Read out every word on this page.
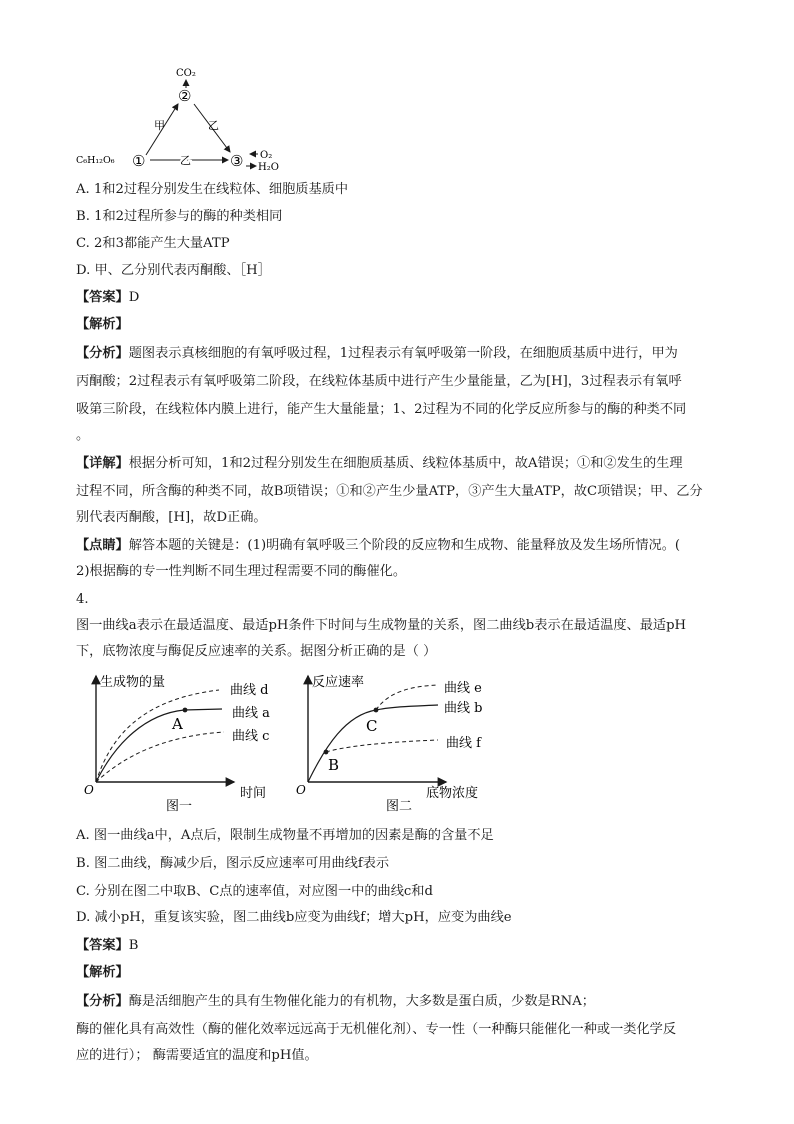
CO₂
②
甲	乙
C₆H₁₂O₆ ①	乙	③ O₂
H₂O
A. 1和2过程分别发生在线粒体、细胞质基质中
B. 1和2过程所参与的酶的种类相同
C. 2和3都能产生大量ATP
D. 甲、乙分别代表丙酮酸、［H］
【答案】D
【解析】
【分析】题图表示真核细胞的有氧呼吸过程，1过程表示有氧呼吸第一阶段，在细胞质基质中进行，甲为
丙酮酸；2过程表示有氧呼吸第二阶段，在线粒体基质中进行产生少量能量，乙为[H]，3过程表示有氧呼
吸第三阶段，在线粒体内膜上进行，能产生大量能量；1、2过程为不同的化学反应所参与的酶的种类不同
。
【详解】根据分析可知，1和2过程分别发生在细胞质基质、线粒体基质中，故A错误；①和②发生的生理
过程不同，所含酶的种类不同，故B项错误；①和②产生少量ATP，③产生大量ATP，故C项错误；甲、乙分
别代表丙酮酸，[H]，故D正确。
【点睛】解答本题的关键是：(1)明确有氧呼吸三个阶段的反应物和生成物、能量释放及发生场所情况。(
2)根据酶的专一性判断不同生理过程需要不同的酶催化。
4.
图一曲线a表示在最适温度、最适pH条件下时间与生成物量的关系，图二曲线b表示在最适温度、最适pH
下，底物浓度与酶促反应速率的关系。据图分析正确的是（ ）
生成物的量
O	时间
图一
A
曲线 d
曲线 a
曲线 c
反应速率
O	底物浓度
图二
B
C
曲线 e
曲线 b
曲线 f
A. 图一曲线a中，A点后，限制生成物量不再增加的因素是酶的含量不足
B. 图二曲线，酶减少后，图示反应速率可用曲线f表示
C. 分别在图二中取B、C点的速率值，对应图一中的曲线c和d
D. 减小pH，重复该实验，图二曲线b应变为曲线f；增大pH，应变为曲线e
【答案】B
【解析】
【分析】酶是活细胞产生的具有生物催化能力的有机物，大多数是蛋白质，少数是RNA；
酶的催化具有高效性（酶的催化效率远远高于无机催化剂）、专一性（一种酶只能催化一种或一类化学反
应的进行）； 酶需要适宜的温度和pH值。
